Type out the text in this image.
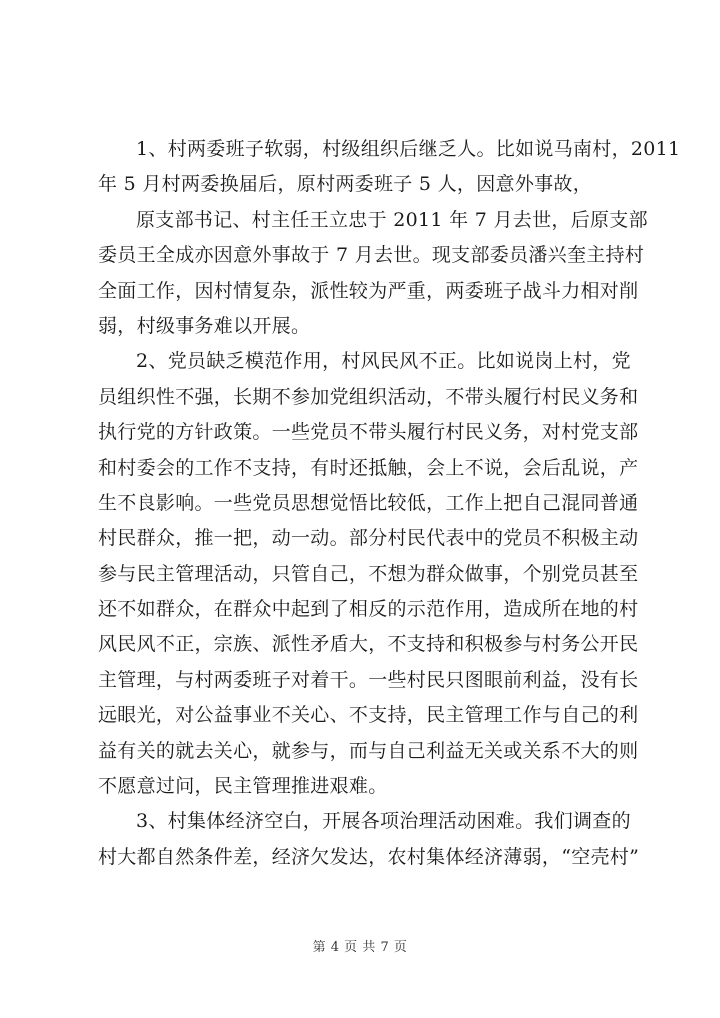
1、村两委班子软弱，村级组织后继乏人。比如说马南村，2011
年 5 月村两委换届后，原村两委班子 5 人，因意外事故，
原支部书记、村主任王立忠于 2011 年 7 月去世，后原支部
委员王全成亦因意外事故于 7 月去世。现支部委员潘兴奎主持村
全面工作，因村情复杂，派性较为严重，两委班子战斗力相对削
弱，村级事务难以开展。
2、党员缺乏模范作用，村风民风不正。比如说岗上村，党
员组织性不强，长期不参加党组织活动，不带头履行村民义务和
执行党的方针政策。一些党员不带头履行村民义务，对村党支部
和村委会的工作不支持，有时还抵触，会上不说，会后乱说，产
生不良影响。一些党员思想觉悟比较低，工作上把自己混同普通
村民群众，推一把，动一动。部分村民代表中的党员不积极主动
参与民主管理活动，只管自己，不想为群众做事，个别党员甚至
还不如群众，在群众中起到了相反的示范作用，造成所在地的村
风民风不正，宗族、派性矛盾大，不支持和积极参与村务公开民
主管理，与村两委班子对着干。一些村民只图眼前利益，没有长
远眼光，对公益事业不关心、不支持，民主管理工作与自己的利
益有关的就去关心，就参与，而与自己利益无关或关系不大的则
不愿意过问，民主管理推进艰难。
3、村集体经济空白，开展各项治理活动困难。我们调查的
村大都自然条件差，经济欠发达，农村集体经济薄弱，“空壳村”
第 4 页 共 7 页
